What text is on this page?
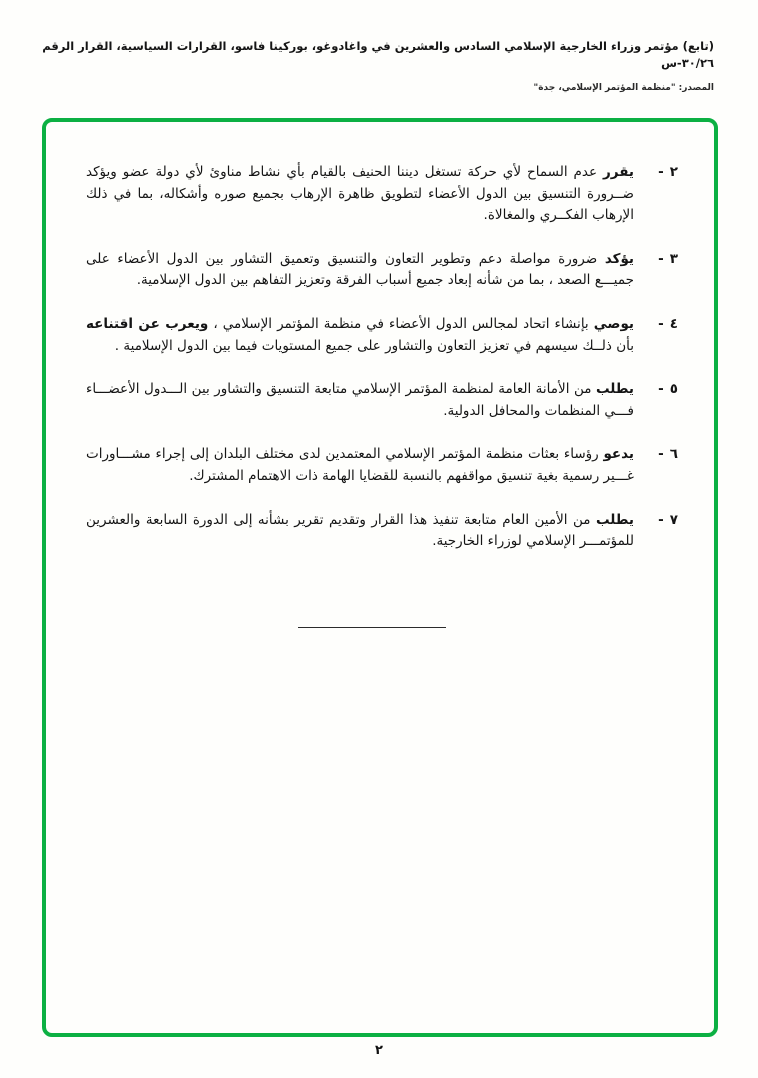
(تابع) مؤتمر وزراء الخارجية الإسلامي السادس والعشرين في واغادوغو، بوركينا فاسو، القرارات السياسية، القرار الرقم ٣٠/٢٦-س
المصدر: "منظمة المؤتمر الإسلامي، جدة"
٢
-
يقرر عدم السماح لأي حركة تستغل ديننا الحنيف بالقيام بأي نشاط مناوئ لأي دولة عضو ويؤكد ضــرورة التنسيق بين الدول الأعضاء لتطويق ظاهرة الإرهاب بجميع صوره وأشكاله، بما في ذلك الإرهاب الفكــري والمغالاة.
٣
-
يؤكد ضرورة مواصلة دعم وتطوير التعاون والتنسيق وتعميق التشاور بين الدول الأعضاء على جميـــع الصعد ، بما من شأنه إبعاد جميع أسباب الفرقة وتعزيز التفاهم بين الدول الإسلامية.
٤
-
يوصي بإنشاء اتحاد لمجالس الدول الأعضاء في منظمة المؤتمر الإسلامي ، ويعرب عن اقتناعه بأن ذلــك سيسهم في تعزيز التعاون والتشاور على جميع المستويات فيما بين الدول الإسلامية .
٥
-
يطلب من الأمانة العامة لمنظمة المؤتمر الإسلامي متابعة التنسيق والتشاور بين الـــدول الأعضـــاء فـــي المنظمات والمحافل الدولية.
٦
-
يدعو رؤساء بعثات منظمة المؤتمر الإسلامي المعتمدين لدى مختلف البلدان إلى إجراء مشـــاورات غـــير رسمية بغية تنسيق مواقفهم بالنسبة للقضايا الهامة ذات الاهتمام المشترك.
٧
-
يطلب من الأمين العام متابعة تنفيذ هذا القرار وتقديم تقرير بشأنه إلى الدورة السابعة والعشرين للمؤتمـــر الإسلامي لوزراء الخارجية.
٢
